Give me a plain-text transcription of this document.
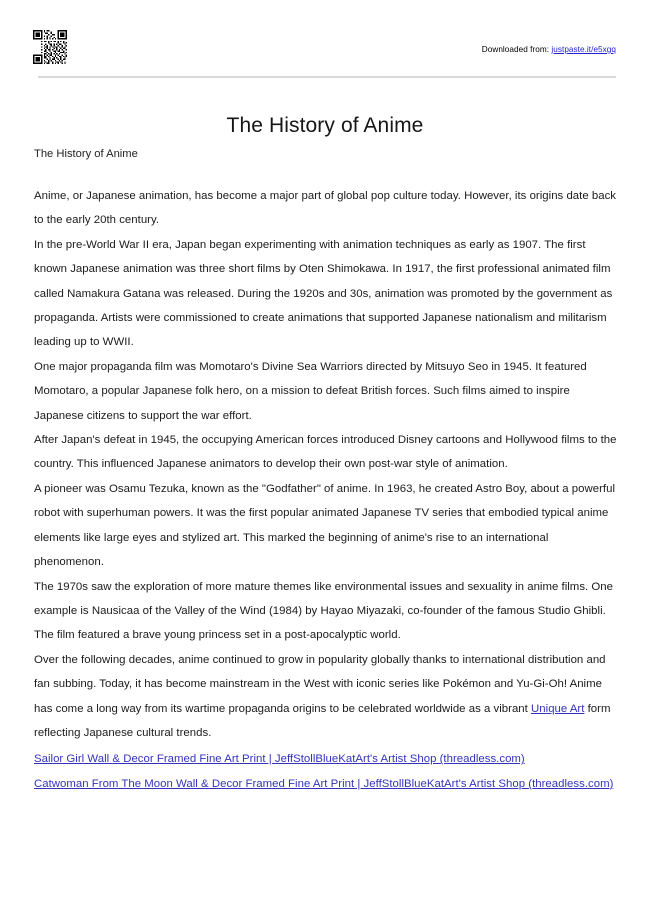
Downloaded from: justpaste.it/e5xgq
The History of Anime
The History of Anime

Anime, or Japanese animation, has become a major part of global pop culture today. However, its origins date back to the early 20th century.

In the pre-World War II era, Japan began experimenting with animation techniques as early as 1907. The first known Japanese animation was three short films by Oten Shimokawa. In 1917, the first professional animated film called Namakura Gatana was released. During the 1920s and 30s, animation was promoted by the government as propaganda. Artists were commissioned to create animations that supported Japanese nationalism and militarism leading up to WWII.

One major propaganda film was Momotaro's Divine Sea Warriors directed by Mitsuyo Seo in 1945. It featured Momotaro, a popular Japanese folk hero, on a mission to defeat British forces. Such films aimed to inspire Japanese citizens to support the war effort.

After Japan's defeat in 1945, the occupying American forces introduced Disney cartoons and Hollywood films to the country. This influenced Japanese animators to develop their own post-war style of animation.

A pioneer was Osamu Tezuka, known as the "Godfather" of anime. In 1963, he created Astro Boy, about a powerful robot with superhuman powers. It was the first popular animated Japanese TV series that embodied typical anime elements like large eyes and stylized art. This marked the beginning of anime's rise to an international phenomenon.

The 1970s saw the exploration of more mature themes like environmental issues and sexuality in anime films. One example is Nausicaa of the Valley of the Wind (1984) by Hayao Miyazaki, co-founder of the famous Studio Ghibli. The film featured a brave young princess set in a post-apocalyptic world.

Over the following decades, anime continued to grow in popularity globally thanks to international distribution and fan subbing. Today, it has become mainstream in the West with iconic series like Pokémon and Yu-Gi-Oh! Anime has come a long way from its wartime propaganda origins to be celebrated worldwide as a vibrant Unique Art form reflecting Japanese cultural trends.

Sailor Girl Wall & Decor Framed Fine Art Print | JeffStollBlueKatArt's Artist Shop (threadless.com)
Catwoman From The Moon Wall & Decor Framed Fine Art Print | JeffStollBlueKatArt's Artist Shop (threadless.com)
